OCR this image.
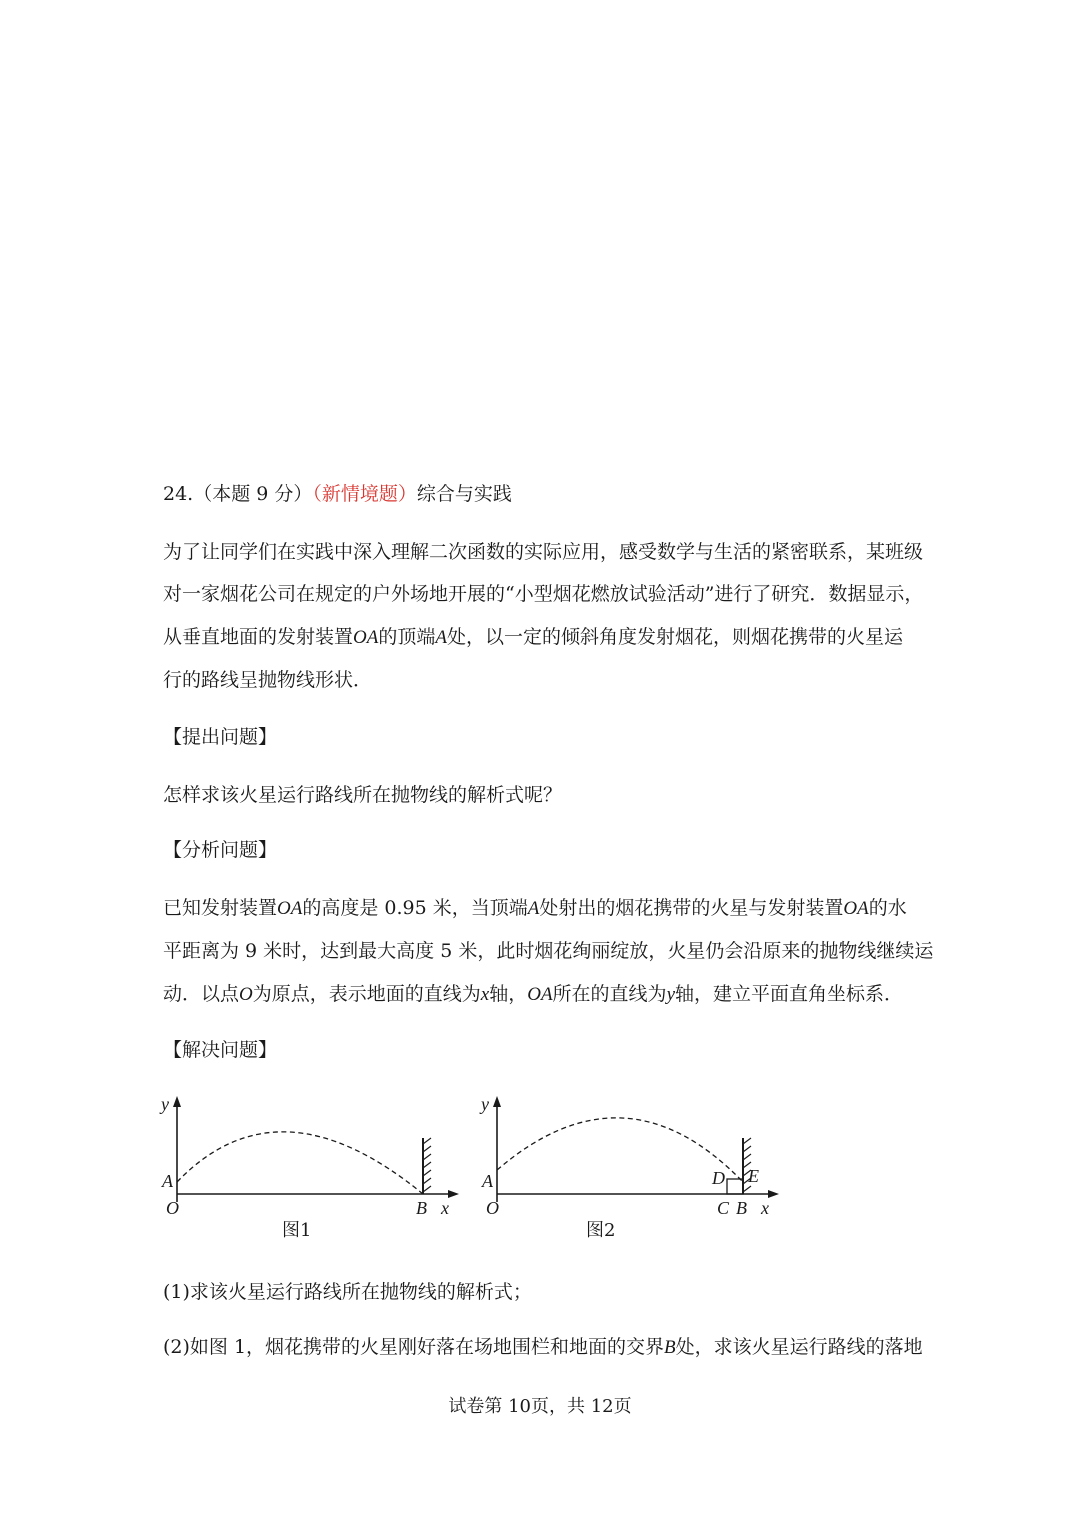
24.（本题 9 分）（新情境题）综合与实践
为了让同学们在实践中深入理解二次函数的实际应用，感受数学与生活的紧密联系，某班级
对一家烟花公司在规定的户外场地开展的“小型烟花燃放试验活动”进行了研究．数据显示，
从垂直地面的发射装置OA的顶端A处，以一定的倾斜角度发射烟花，则烟花携带的火星运
行的路线呈抛物线形状．
【提出问题】
怎样求该火星运行路线所在抛物线的解析式呢？
【分析问题】
已知发射装置OA的高度是 0.95 米，当顶端A处射出的烟花携带的火星与发射装置OA的水
平距离为 9 米时，达到最大高度 5 米，此时烟花绚丽绽放，火星仍会沿原来的抛物线继续运
动．以点O为原点，表示地面的直线为x轴，OA所在的直线为y轴，建立平面直角坐标系．
【解决问题】
y
A
O	B x
图1
y
A
O
D E
C B x
图2
(1)求该火星运行路线所在抛物线的解析式；
(2)如图 1，烟花携带的火星刚好落在场地围栏和地面的交界B处，求该火星运行路线的落地
试卷第 10页，共 12页
